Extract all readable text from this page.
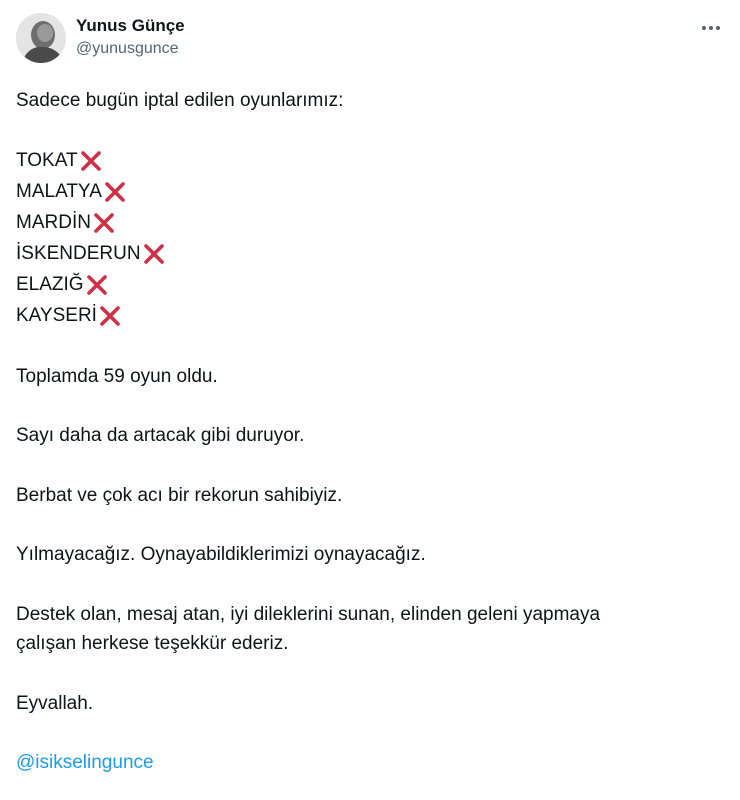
Yunus Günçe
@yunusgunce
Sadece bugün iptal edilen oyunlarımız:
TOKAT
MALATYA
MARDİN
İSKENDERUN
ELAZIĞ
KAYSERİ
Toplamda 59 oyun oldu.
Sayı daha da artacak gibi duruyor.
Berbat ve çok acı bir rekorun sahibiyiz.
Yılmayacağız. Oynayabildiklerimizi oynayacağız.
Destek olan, mesaj atan, iyi dileklerini sunan, elinden geleni yapmaya
çalışan herkese teşekkür ederiz.
Eyvallah.
@isikselingunce
